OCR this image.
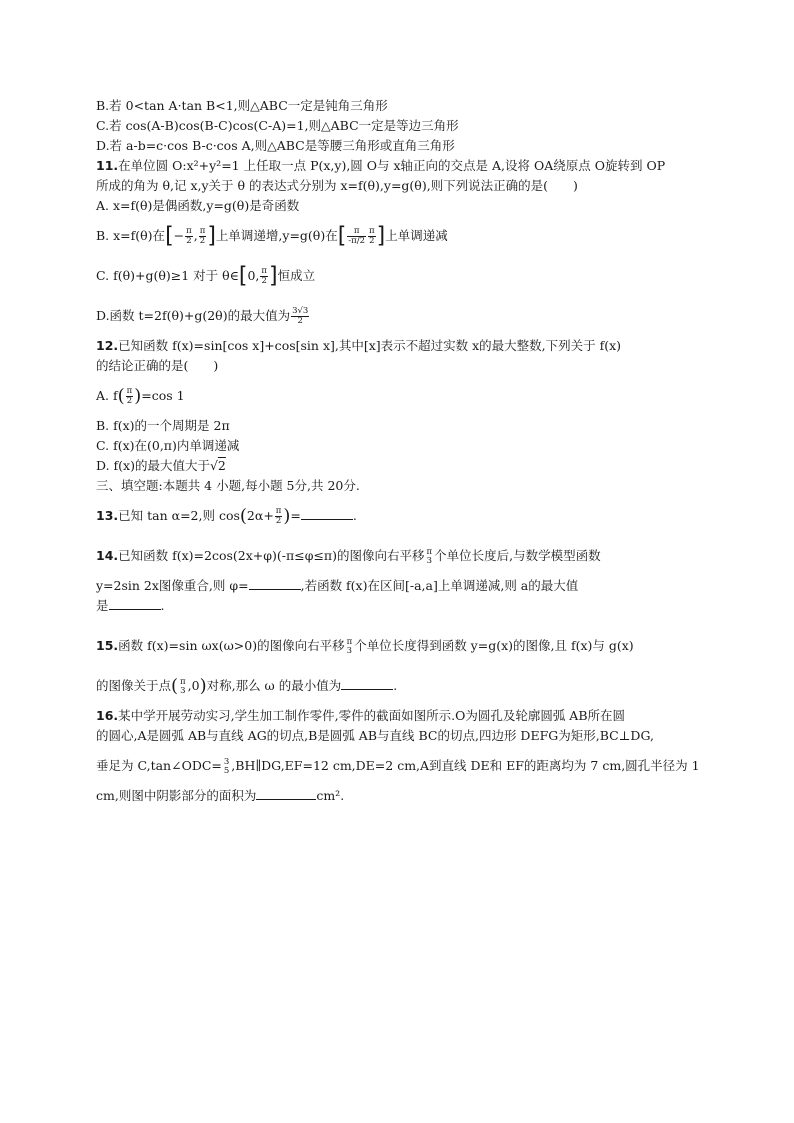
B.若 0<tan A·tan B<1,则△ABC一定是钝角三角形
C.若 cos(A-B)cos(B-C)cos(C-A)=1,则△ABC一定是等边三角形
D.若 a-b=c·cos B-c·cos A,则△ABC是等腰三角形或直角三角形
11.在单位圆 O:x²+y²=1 上任取一点 P(x,y),圆 O与 x轴正向的交点是 A,设将 OA绕原点 O旋转到 OP
所成的角为 θ,记 x,y关于 θ 的表达式分别为 x=f(θ),y=g(θ),则下列说法正确的是(　　)
A. x=f(θ)是偶函数,y=g(θ)是奇函数
B. x=f(θ)在[− $\frac{\pi}{2}$ , $\frac{\pi}{2}$ ]上单调递增,y=g(θ)在[ $\frac{\pi}{-\pi/2} \frac{\pi}{2}$ ]上单调递减
C. f(θ)+g(θ)≥1 对于 θ∈[0, $\frac{\pi}{2}$ ]恒成立
D.函数 t=2f(θ)+g(2θ)的最大值为 $\frac{3√3}{2}$
12.已知函数 f(x)=sin[cos x]+cos[sin x],其中[x]表示不超过实数 x的最大整数,下列关于 f(x)
的结论正确的是(　　)
A. $f( \frac{\pi}{2} )=\cos$ 1
B. f(x)的一个周期是 2π
C. f(x)在(0,π)内单调递减
D. f(x)的最大值大于√2
三、填空题:本题共 4 小题,每小题 5分,共 20分.
13.已知 tan α=2,则 $\cos(2\alpha+ \frac{\pi}{2}$ )=	.
14.已知函数 f(x)=2cos(2x+φ)(-π≤φ≤π)的图像向右平移 π
3 个单位长度后,与数学模型函数
y=2sin 2x图像重合,则 φ=	,若函数 f(x)在区间[-a,a]上单调递减,则 a的最大值
是	.
15.函数 f(x)=sin ωx(ω>0)的图像向右平移 π
3 个单位长度得到函数 y=g(x)的图像,且 f(x)与 g(x)
的图像关于点( π
3 ,0)对称,那么 ω 的最小值为	.
16.某中学开展劳动实习,学生加工制作零件,零件的截面如图所示.O为圆孔及轮廓圆弧 AB所在圆
的圆心,A是圆弧 AB与直线 AG的切点,B是圆弧 AB与直线 BC的切点,四边形 DEFG为矩形,BC⊥DG,
垂足为 C,tan∠ODC= 3
5 ,BH∥DG,EF=12 cm,DE=2 cm,A到直线 DE和 EF的距离均为 7 cm,圆孔半径为 1
cm,则图中阴影部分的面积为	cm².
